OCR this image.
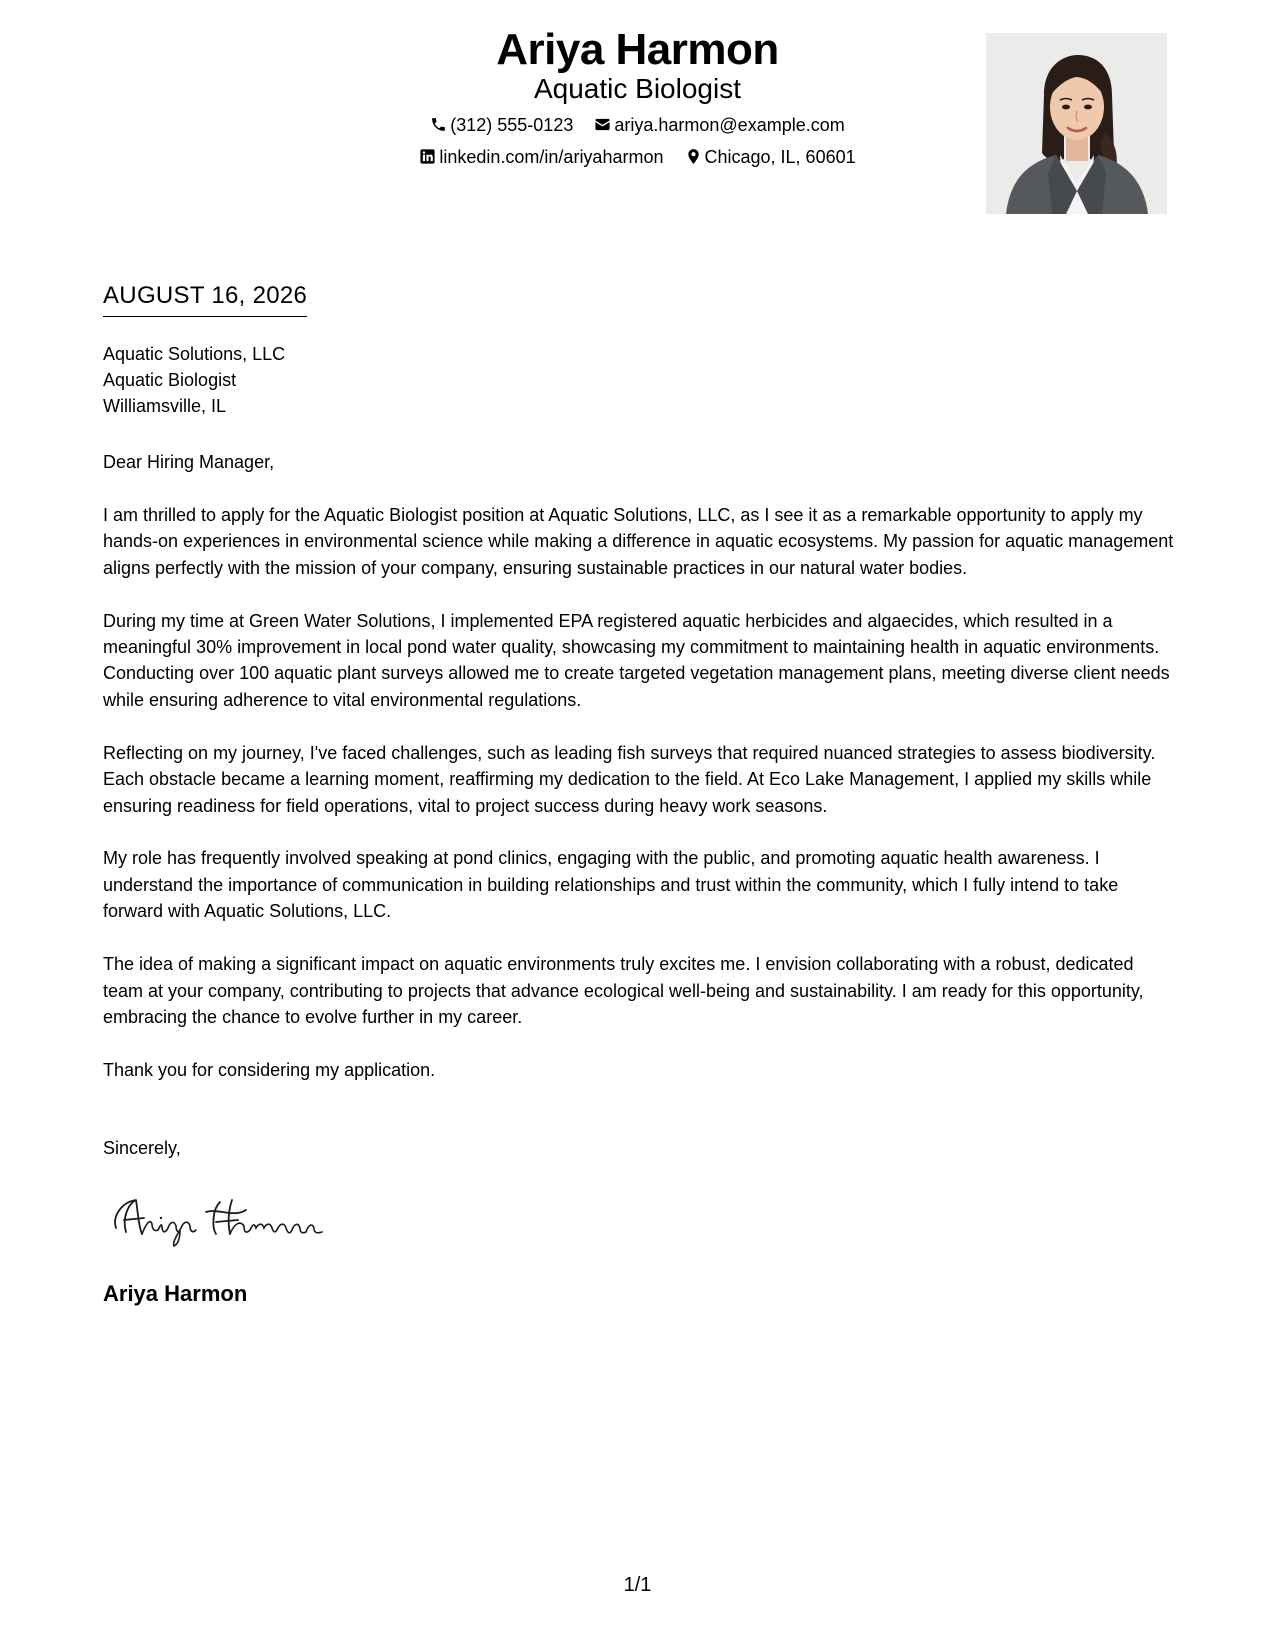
Ariya Harmon
Aquatic Biologist
(312) 555-0123 ariya.harmon@example.com
linkedin.com/in/ariyaharmon Chicago, IL, 60601
AUGUST 16, 2026
Aquatic Solutions, LLC
Aquatic Biologist
Williamsville, IL

Dear Hiring Manager,

I am thrilled to apply for the Aquatic Biologist position at Aquatic Solutions, LLC, as I see it as a remarkable opportunity to apply my hands-on experiences in environmental science while making a difference in aquatic ecosystems. My passion for aquatic management aligns perfectly with the mission of your company, ensuring sustainable practices in our natural water bodies.

During my time at Green Water Solutions, I implemented EPA registered aquatic herbicides and algaecides, which resulted in a meaningful 30% improvement in local pond water quality, showcasing my commitment to maintaining health in aquatic environments. Conducting over 100 aquatic plant surveys allowed me to create targeted vegetation management plans, meeting diverse client needs while ensuring adherence to vital environmental regulations.

Reflecting on my journey, I've faced challenges, such as leading fish surveys that required nuanced strategies to assess biodiversity. Each obstacle became a learning moment, reaffirming my dedication to the field. At Eco Lake Management, I applied my skills while ensuring readiness for field operations, vital to project success during heavy work seasons.

My role has frequently involved speaking at pond clinics, engaging with the public, and promoting aquatic health awareness. I understand the importance of communication in building relationships and trust within the community, which I fully intend to take forward with Aquatic Solutions, LLC.

The idea of making a significant impact on aquatic environments truly excites me. I envision collaborating with a robust, dedicated team at your company, contributing to projects that advance ecological well-being and sustainability. I am ready for this opportunity, embracing the chance to evolve further in my career.

Thank you for considering my application.

Sincerely,
Ariya Harmon
1/1
